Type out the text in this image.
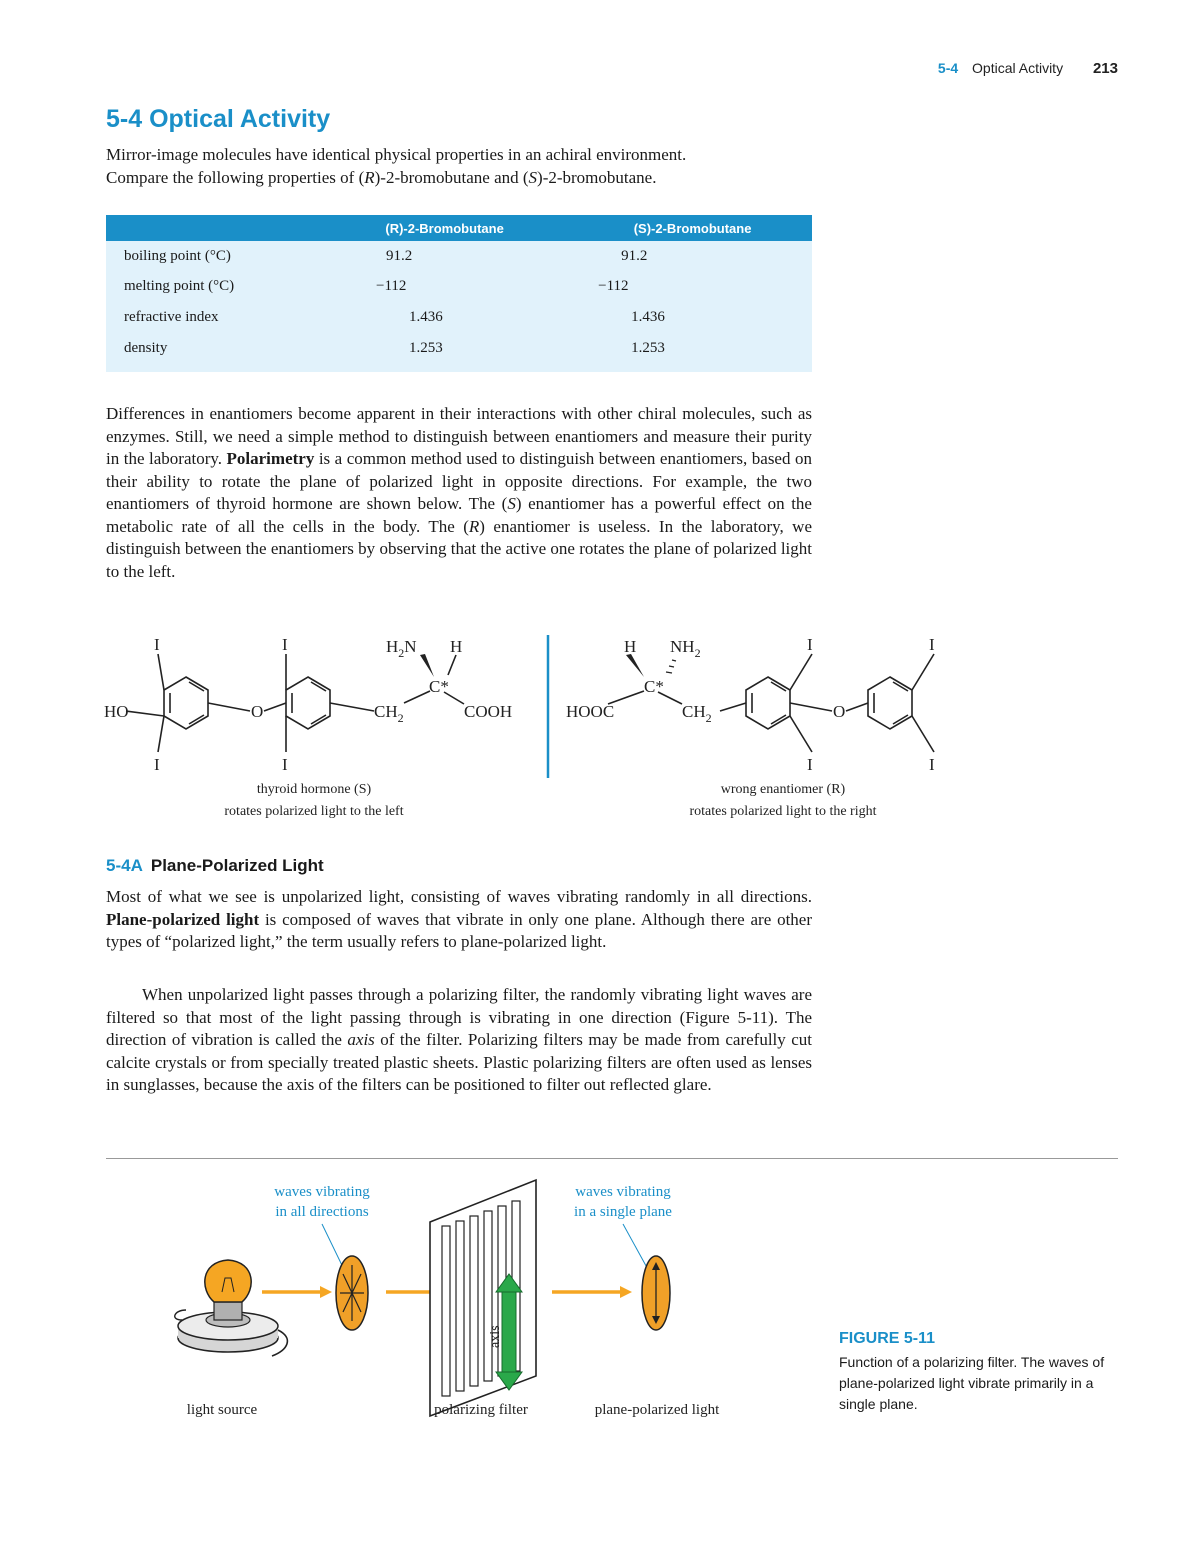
5-4 Optical Activity 213
5-4 Optical Activity

Mirror-image molecules have identical physical properties in an achiral environment.
Compare the following properties of (R)-2-bromobutane and (S)-2-bromobutane.

	(R)-2-Bromobutane	(S)-2-Bromobutane
boiling point (°C)	91.2	91.2
melting point (°C)	−112	−112
refractive index	1.436	1.436
density	1.253	1.253

Differences in enantiomers become apparent in their interactions with other chiral molecules, such as enzymes. Still, we need a simple method to distinguish between enantiomers and measure their purity in the laboratory. Polarimetry is a common method used to distinguish between enantiomers, based on their ability to rotate the plane of polarized light in opposite directions. For example, the two enantiomers of thyroid hormone are shown below. The (S) enantiomer has a powerful effect on the metabolic rate of all the cells in the body. The (R) enantiomer is useless. In the laboratory, we distinguish between the enantiomers by observing that the active one rotates the plane of polarized light to the left.

I
I
HO	O
I
I
$CH_2$
C*
COOH
$H_2N$ H
HOOC
H $NH_2$
C*
$CH_2$
I
I
O
I
I
thyroid hormone (S)
rotates polarized light to the left
wrong enantiomer (R)
rotates polarized light to the right
5-4A Plane-Polarized Light

Most of what we see is unpolarized light, consisting of waves vibrating randomly in all directions. Plane-polarized light is composed of waves that vibrate in only one plane. Although there are other types of “polarized light,” the term usually refers to plane-polarized light.

When unpolarized light passes through a polarizing filter, the randomly vibrating light waves are filtered so that most of the light passing through is vibrating in one direction (Figure 5-11). The direction of vibration is called the axis of the filter. Polarizing filters may be made from carefully cut calcite crystals or from specially treated plastic sheets. Plastic polarizing filters are often used as lenses in sunglasses, because the axis of the filters can be positioned to filter out reflected glare.

waves vibrating
in all directions
waves vibrating
in a single plane
axis
light source	polarizing filter	plane-polarized light

FIGURE 5-11

Function of a polarizing filter. The waves of plane-polarized light vibrate primarily in a single plane.
